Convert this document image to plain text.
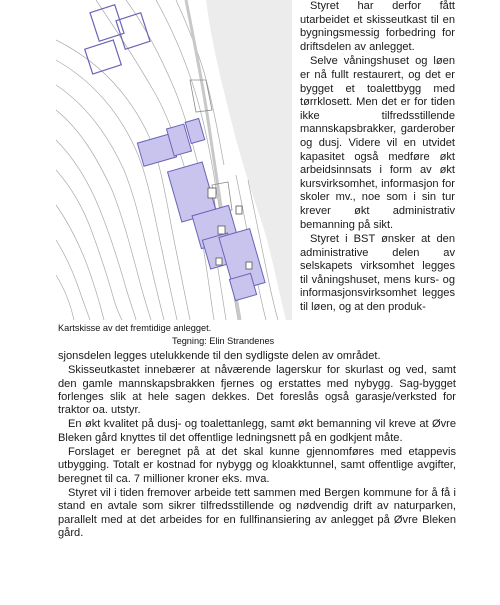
Kartskisse av det fremtidige anlegget.
Tegning: Elin Strandenes

Styret har derfor fått utarbeidet et skisseutkast til en bygningsmessig forbedring for driftsdelen av anlegget.

Selve våningshuset og løen er nå fullt restaurert, og det er bygget et toalettbygg med tørrklosett. Men det er for tiden ikke tilfredsstillende mannskapsbrakker, garderober og dusj. Videre vil en utvidet kapasitet også medføre økt arbeidsinnsats i form av økt kursvirksomhet, informasjon for skoler mv., noe som i sin tur krever økt administrativ bemanning på sikt.

Styret i BST ønsker at den administrative delen av selskapets virksomhet legges til våningshuset, mens kurs- og informasjonsvirksomhet legges til løen, og at den produk-

sjonsdelen legges utelukkende til den sydligste delen av området.

Skisseutkastet innebærer at nåværende lagerskur for skurlast og ved, samt den gamle mannskapsbrakken fjernes og erstattes med nybygg. Sag-bygget forlenges slik at hele sagen dekkes. Det foreslås også garasje/verksted for traktor oa. utstyr.

En økt kvalitet på dusj- og toalettanlegg, samt økt bemanning vil kreve at Øvre Bleken gård knyttes til det offentlige ledningsnett på en godkjent måte.

Forslaget er beregnet på at det skal kunne gjennomføres med etappevis utbygging. Totalt er kostnad for nybygg og kloakktunnel, samt offentlige avgifter, beregnet til ca. 7 millioner kroner eks. mva.

Styret vil i tiden fremover arbeide tett sammen med Bergen kommune for å få i stand en avtale som sikrer tilfredsstillende og nødvendig drift av naturparken, parallelt med at det arbeides for en fullfinansiering av anlegget på Øvre Bleken gård.
